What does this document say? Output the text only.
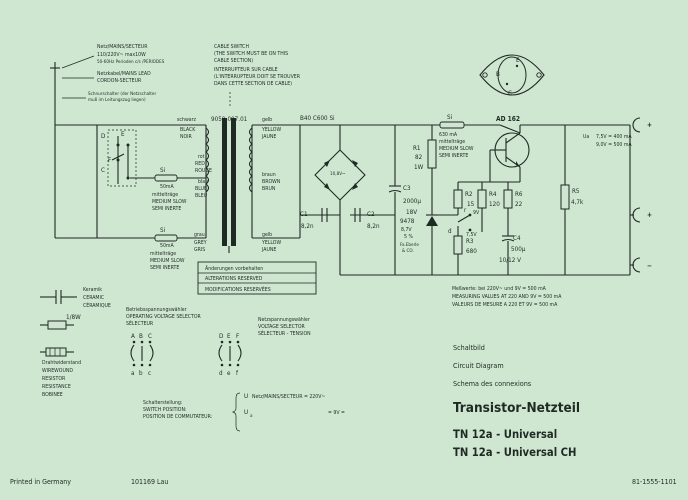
Netz/MAINS/SECTEUR
110/220V~ max10W
50-60Hz Perioden c/s /PERIODES
Netzkabel/MAINS LEAD
CORDON-SECTEUR
Schnurschalter (der Netzschalter
muß im Leitungszug liegen)
CABLE SWITCH
(THE SWITCH MUST BE ON THIS
CABLE SECTION)
INTERRUPTEUR SUR CABLE
(L'INTERRUPTEUR DOIT SE TROUVER
DANS CETTE SECTION DE CABLE)
D E
F
C	Si
50mA
mittelträge
MEDIUM SLOW
SEMI INERTE
Si
50mA
mittelträge
MEDIUM SLOW
SEMI INERTE
9050-007.01
schwarz
BLACK
NOIR
rot
RED
ROUGE
blau
BLUE
BLEU
grau
GREY
GRIS
gelb
YELLOW
JAUNE
braun
BROWN
BRUN
gelb
YELLOW
JAUNE
B40 C600 Si
10,8V~
C1
8,2n
C2
8,2n
C3
2000µ
18V
R1
82
1W
9478
8,7V
5 %
Fa.Eberle
& CO.
Si
630 mA
mittelträge
MEDIUM SLOW
SEMI INERTE
AD 162
B
E
C
R2
15
R4
120
R6
22
R3
680
r 9V
d	7,5V	C4
500µ
10/12 V
R5
4,7k
+
+
−
Ua 7,5V = 400 mA
9,0V = 500 mA
Änderungen vorbehalten
ALTERATIONS RESERVED
MODIFICATIONS RESERVÉES	Meßwerte: bei 220V~ und 9V = 500 mA
MEASURING VALUES AT 220 AND 9V = 500 mA
VALEURS DE MESURE A 220 ET 9V = 500 mA
Keramik
CERAMIC
CÉRAMIQUE
1/8W
Drahtwiderstand
WIREWOUND
RESISTOR
RESISTANCE
BOBINEE
Betriebsspannungswähler
OPERATING VOLTAGE SELECTOR
SÉLECTEUR
A B C
a b c
D E F
d e f
Netzspannungswähler
VOLTAGE SELECTOR
SÉLECTEUR - TENSION
Schalterstellung:
SWITCH POSITION:
POSITION DE COMMUTATEUR:
U Netz/MAINS/SECTEUR = 220V~
U
a
= 9V =
Schaltbild
Circuit Diagram
Schema des connexions
Transistor-Netzteil
TN 12a - Universal
TN 12a - Universal CH
Printed in Germany	101169 Lau	81-1555-1101
